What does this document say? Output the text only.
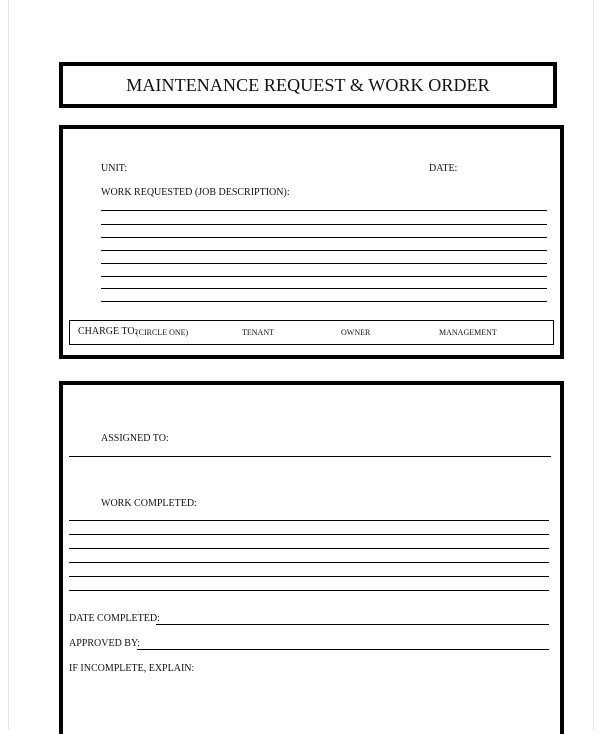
MAINTENANCE REQUEST & WORK ORDER
UNIT:	DATE:
WORK REQUESTED (JOB DESCRIPTION):
CHARGE TO:
(CIRCLE ONE)	TENANT	OWNER	MANAGEMENT
ASSIGNED TO:
WORK COMPLETED:
DATE COMPLETED:
APPROVED BY:
IF INCOMPLETE, EXPLAIN:
